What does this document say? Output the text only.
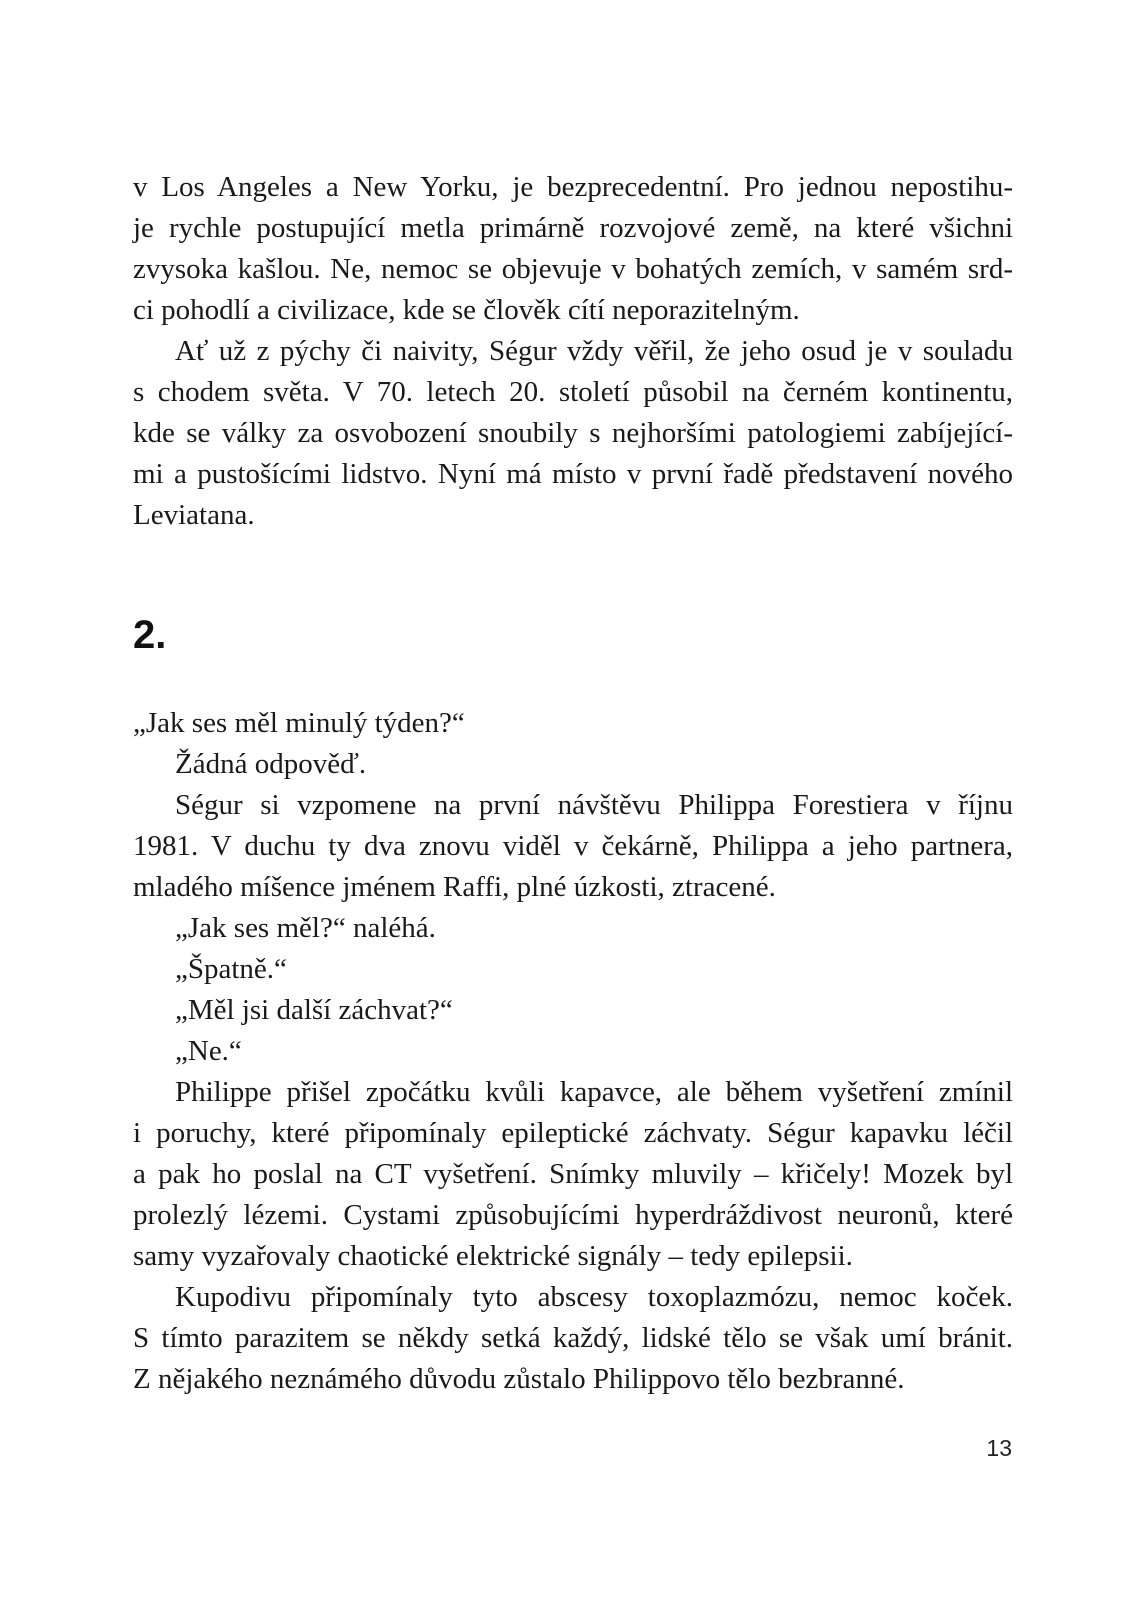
v Los Angeles a New Yorku, je bezprecedentní. Pro jednou nepostihu-
je rychle postupující metla primárně rozvojové země, na které všichni
zvysoka kašlou. Ne, nemoc se objevuje v bohatých zemích, v samém srd-
ci pohodlí a civilizace, kde se člověk cítí neporazitelným.
Ať už z pýchy či naivity, Ségur vždy věřil, že jeho osud je v souladu
s chodem světa. V 70. letech 20. století působil na černém kontinentu,
kde se války za osvobození snoubily s nejhoršími patologiemi zabíjející-
mi a pustošícími lidstvo. Nyní má místo v první řadě představení nového
Leviatana.
2.
„Jak ses měl minulý týden?“
Žádná odpověď.
Ségur si vzpomene na první návštěvu Philippa Forestiera v říjnu
1981. V duchu ty dva znovu viděl v čekárně, Philippa a jeho partnera,
mladého míšence jménem Raffi, plné úzkosti, ztracené.
„Jak ses měl?“ naléhá.
„Špatně.“
„Měl jsi další záchvat?“
„Ne.“
Philippe přišel zpočátku kvůli kapavce, ale během vyšetření zmínil
i poruchy, které připomínaly epileptické záchvaty. Ségur kapavku léčil
a pak ho poslal na CT vyšetření. Snímky mluvily – křičely! Mozek byl
prolezlý lézemi. Cystami způsobujícími hyperdráždivost neuronů, které
samy vyzařovaly chaotické elektrické signály – tedy epilepsii.
Kupodivu připomínaly tyto abscesy toxoplazmózu, nemoc koček.
S tímto parazitem se někdy setká každý, lidské tělo se však umí bránit.
Z nějakého neznámého důvodu zůstalo Philippovo tělo bezbranné.
13
